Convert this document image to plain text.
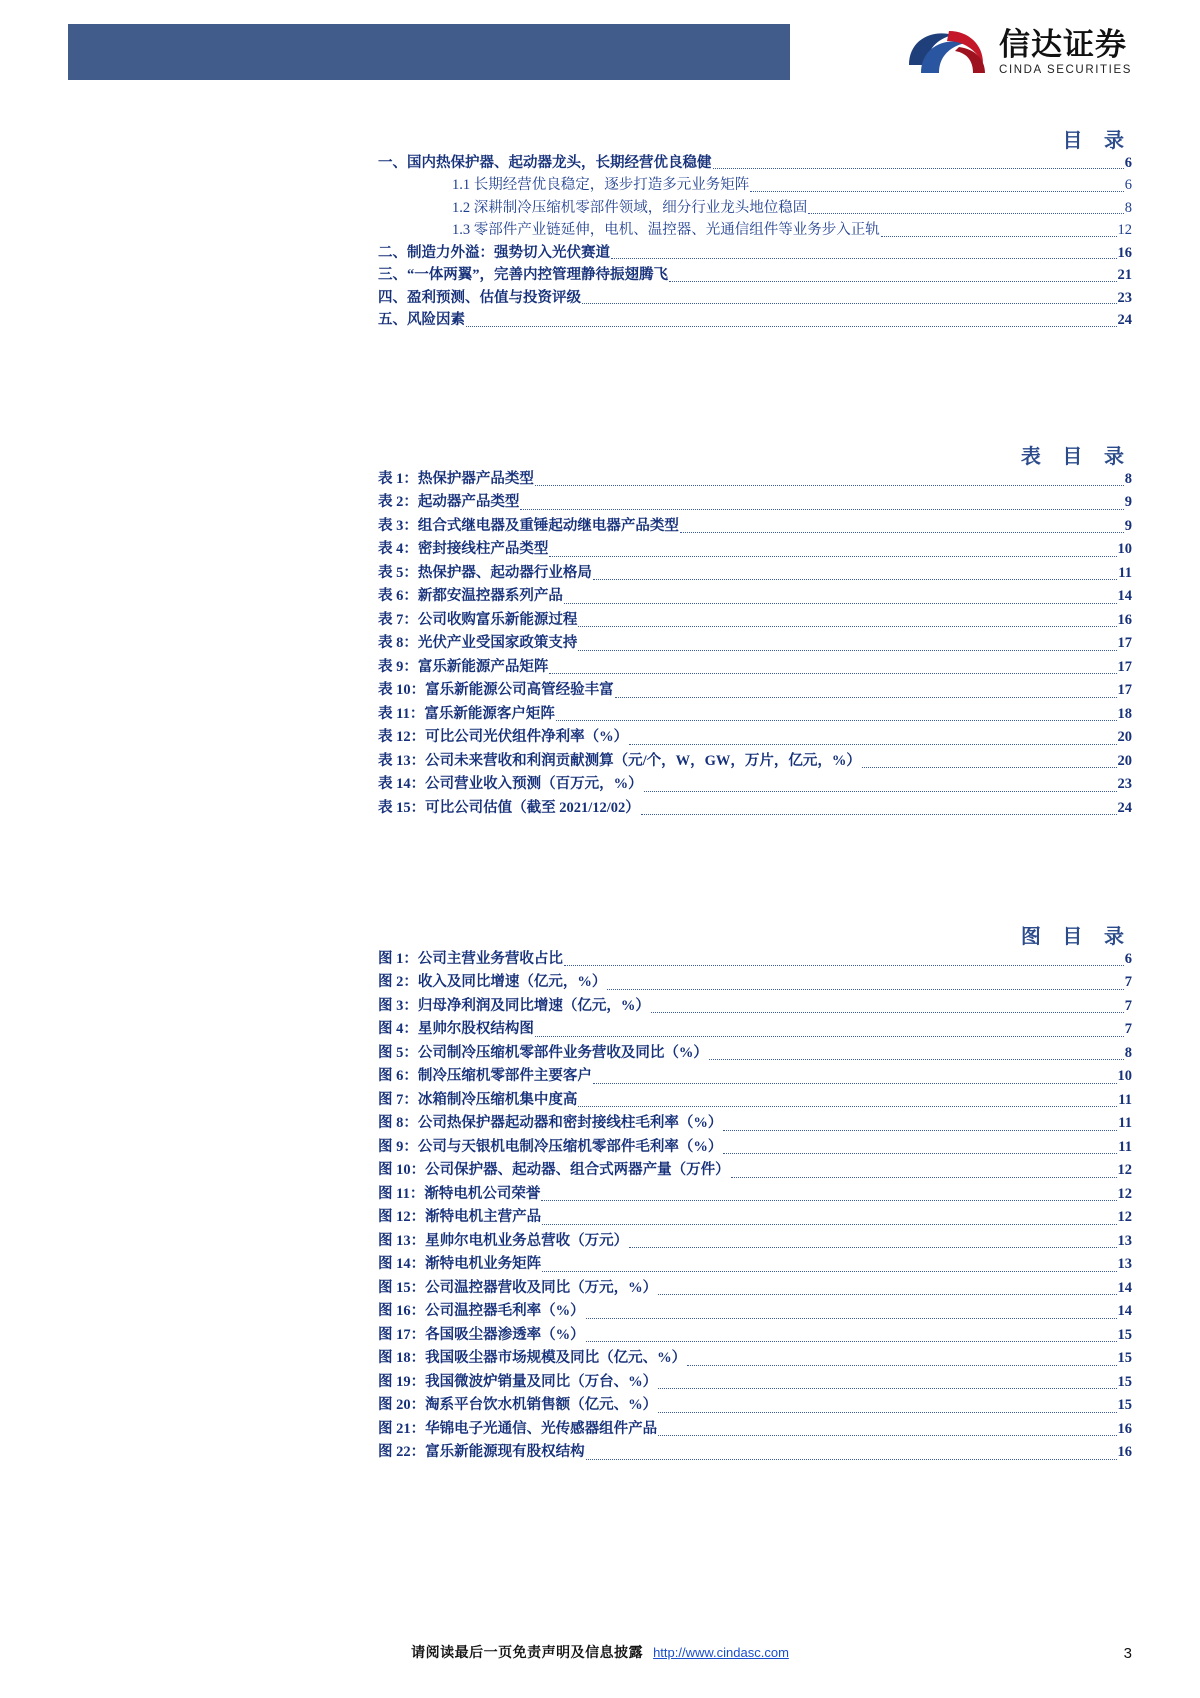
信达证券
CINDA SECURITIES
目 录
一、国内热保护器、起动器龙头，长期经营优良稳健	6
1.1 长期经营优良稳定，逐步打造多元业务矩阵	6
1.2 深耕制冷压缩机零部件领域，细分行业龙头地位稳固	8
1.3 零部件产业链延伸，电机、温控器、光通信组件等业务步入正轨	12
二、制造力外溢：强势切入光伏赛道	16
三、“一体两翼”，完善内控管理静待振翅腾飞	21
四、盈利预测、估值与投资评级	23
五、风险因素	24
表 目 录
表 1：热保护器产品类型	8
表 2：起动器产品类型	9
表 3：组合式继电器及重锤起动继电器产品类型	9
表 4：密封接线柱产品类型	10
表 5：热保护器、起动器行业格局	11
表 6：新都安温控器系列产品	14
表 7：公司收购富乐新能源过程	16
表 8：光伏产业受国家政策支持	17
表 9：富乐新能源产品矩阵	17
表 10：富乐新能源公司高管经验丰富	17
表 11：富乐新能源客户矩阵	18
表 12：可比公司光伏组件净利率（%）	20
表 13：公司未来营收和利润贡献测算（元/个，W，GW，万片，亿元，%）	20
表 14：公司营业收入预测（百万元，%）	23
表 15：可比公司估值（截至 2021/12/02）	24
图 目 录
图 1：公司主营业务营收占比	6
图 2：收入及同比增速（亿元，%）	7
图 3：归母净利润及同比增速（亿元，%）	7
图 4：星帅尔股权结构图	7
图 5：公司制冷压缩机零部件业务营收及同比（%）	8
图 6：制冷压缩机零部件主要客户	10
图 7：冰箱制冷压缩机集中度高	11
图 8：公司热保护器起动器和密封接线柱毛利率（%）	11
图 9：公司与天银机电制冷压缩机零部件毛利率（%）	11
图 10：公司保护器、起动器、组合式两器产量（万件）	12
图 11：渐特电机公司荣誉	12
图 12：渐特电机主营产品	12
图 13：星帅尔电机业务总营收（万元）	13
图 14：渐特电机业务矩阵	13
图 15：公司温控器营收及同比（万元，%）	14
图 16：公司温控器毛利率（%）	14
图 17：各国吸尘器渗透率（%）	15
图 18：我国吸尘器市场规模及同比（亿元、%）	15
图 19：我国微波炉销量及同比（万台、%）	15
图 20：淘系平台饮水机销售额（亿元、%）	15
图 21：华锦电子光通信、光传感器组件产品	16
图 22：富乐新能源现有股权结构	16
请阅读最后一页免责声明及信息披露 http://www.cindasc.com	3
